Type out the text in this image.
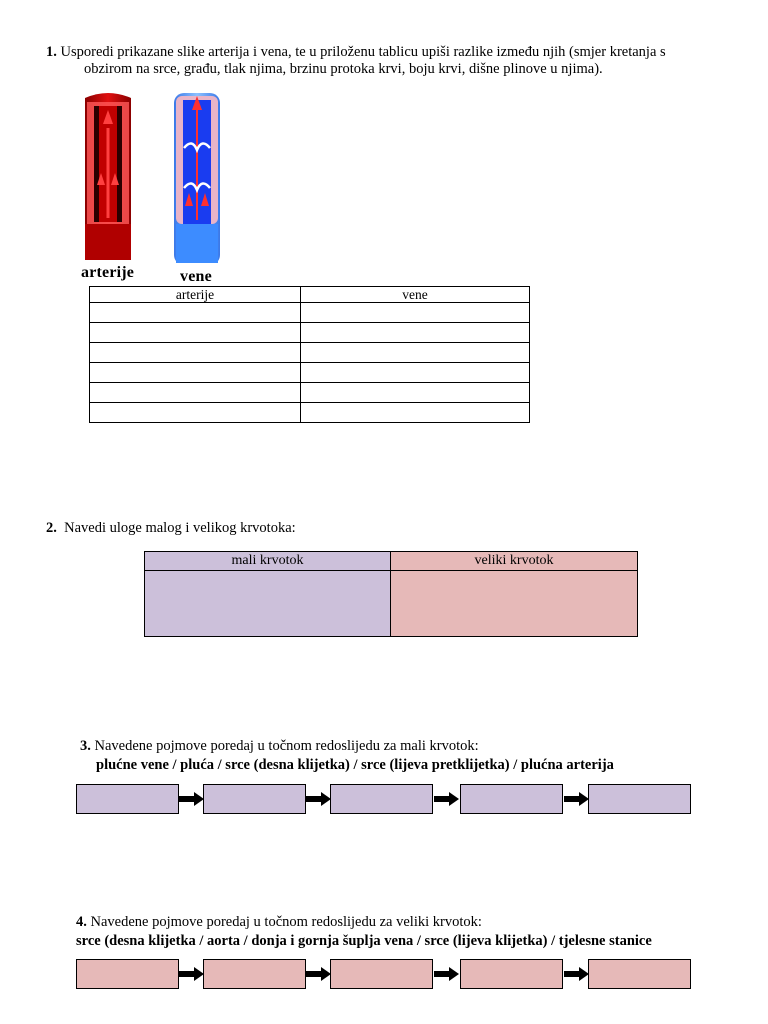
1. Usporedi prikazane slike arterija i vena, te u priloženu tablicu upiši razlike između njih (smjer kretanja s
obzirom na srce, građu, tlak njima, brzinu protoka krvi, boju krvi, dišne plinove u njima).
arterije	vene
arterije	vene

2. Navedi uloge malog i velikog krvotoka:
mali krvotok	veliki krvotok
3. Navedene pojmove poredaj u točnom redoslijedu za mali krvotok:
plućne vene / pluća / srce (desna klijetka) / srce (lijeva pretklijetka) / plućna arterija
4. Navedene pojmove poredaj u točnom redoslijedu za veliki krvotok:
srce (desna klijetka / aorta / donja i gornja šuplja vena / srce (lijeva klijetka) / tjelesne stanice
